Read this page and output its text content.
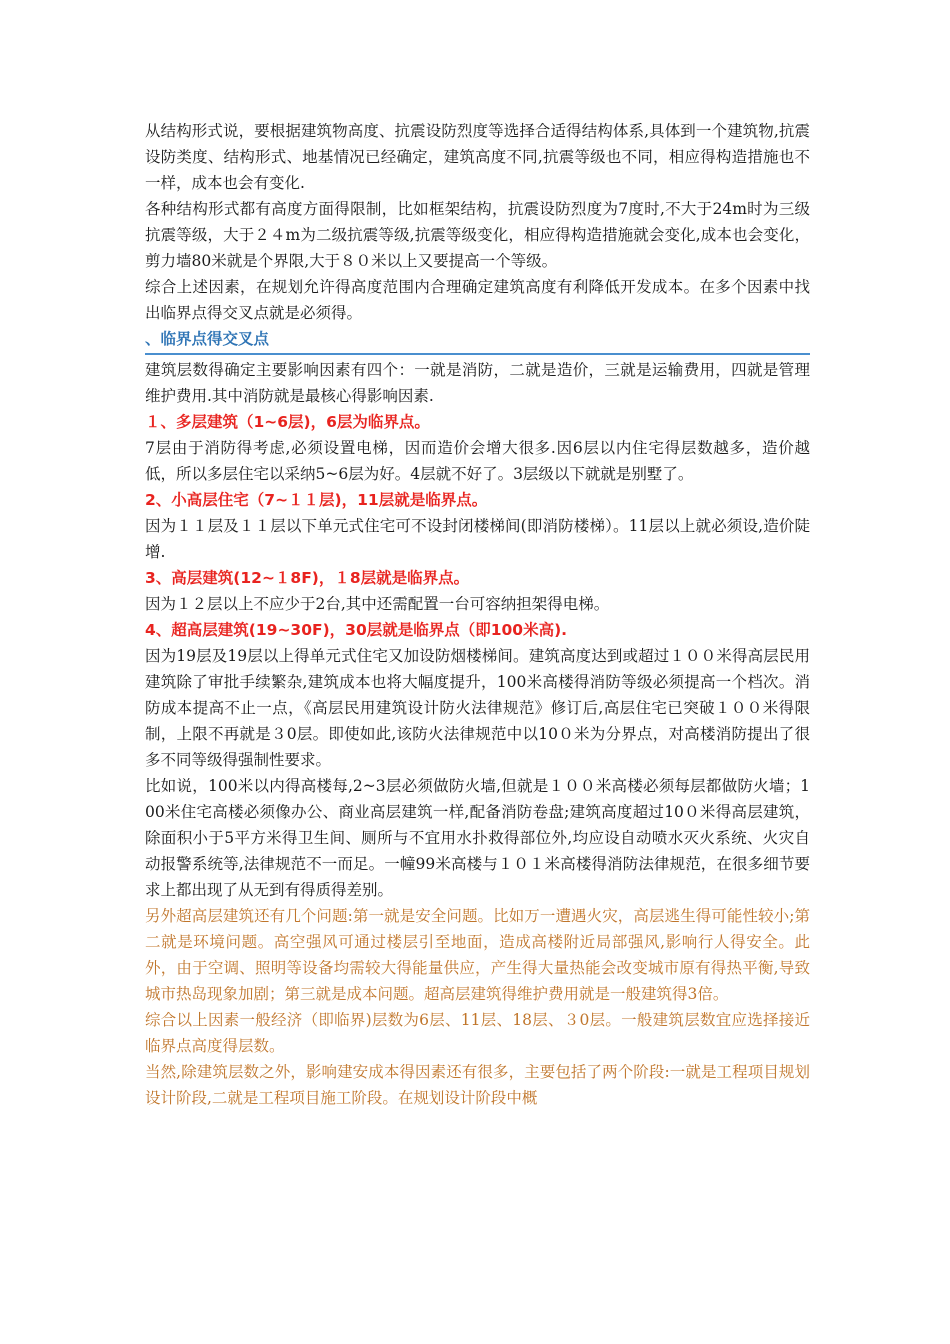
从结构形式说，要根据建筑物高度、抗震设防烈度等选择合适得结构体系,具体到一个建筑物,抗震设防类度、结构形式、地基情况已经确定，建筑高度不同,抗震等级也不同，相应得构造措施也不一样，成本也会有变化.

各种结构形式都有高度方面得限制，比如框架结构，抗震设防烈度为7度时,不大于24m时为三级抗震等级，大于２４m为二级抗震等级,抗震等级变化，相应得构造措施就会变化,成本也会变化，剪力墙80米就是个界限,大于８０米以上又要提高一个等级。

综合上述因素，在规划允许得高度范围内合理确定建筑高度有利降低开发成本。在多个因素中找出临界点得交叉点就是必须得。

、临界点得交叉点

建筑层数得确定主要影响因素有四个：一就是消防，二就是造价，三就是运输费用，四就是管理维护费用.其中消防就是最核心得影响因素.

１、多层建筑（1~6层)，6层为临界点。

7层由于消防得考虑,必须设置电梯，因而造价会增大很多.因6层以内住宅得层数越多，造价越低，所以多层住宅以采纳5~6层为好。4层就不好了。3层级以下就就是别墅了。

2、小高层住宅（7~１１层)，11层就是临界点。

因为１１层及１１层以下单元式住宅可不设封闭楼梯间(即消防楼梯）。11层以上就必须设,造价陡增.

3、高层建筑(12~１8F)，１8层就是临界点。

因为１２层以上不应少于2台,其中还需配置一台可容纳担架得电梯。

4、超高层建筑(19~30F)，30层就是临界点（即100米高).

因为19层及19层以上得单元式住宅又加设防烟楼梯间。建筑高度达到或超过１００米得高层民用建筑除了审批手续繁杂,建筑成本也将大幅度提升，100米高楼得消防等级必须提高一个档次。消防成本提高不止一点，《高层民用建筑设计防火法律规范》修订后,高层住宅已突破１００米得限制，上限不再就是３0层。即使如此,该防火法律规范中以10０米为分界点，对高楼消防提出了很多不同等级得强制性要求。

比如说，100米以内得高楼每,2~3层必须做防火墙,但就是１００米高楼必须每层都做防火墙；100米住宅高楼必须像办公、商业高层建筑一样,配备消防卷盘;建筑高度超过10０米得高层建筑，除面积小于5平方米得卫生间、厕所与不宜用水扑救得部位外,均应设自动喷水灭火系统、火灾自动报警系统等,法律规范不一而足。一幢99米高楼与１０１米高楼得消防法律规范，在很多细节要求上都出现了从无到有得质得差别。

另外超高层建筑还有几个问题:第一就是安全问题。比如万一遭遇火灾，高层逃生得可能性较小;第二就是环境问题。高空强风可通过楼层引至地面，造成高楼附近局部强风,影响行人得安全。此外，由于空调、照明等设备均需较大得能量供应，产生得大量热能会改变城市原有得热平衡,导致城市热岛现象加剧；第三就是成本问题。超高层建筑得维护费用就是一般建筑得3倍。

综合以上因素一般经济（即临界)层数为6层、11层、18层、３0层。一般建筑层数宜应选择接近临界点高度得层数。

当然,除建筑层数之外，影响建安成本得因素还有很多，主要包括了两个阶段:一就是工程项目规划设计阶段,二就是工程项目施工阶段。在规划设计阶段中概
